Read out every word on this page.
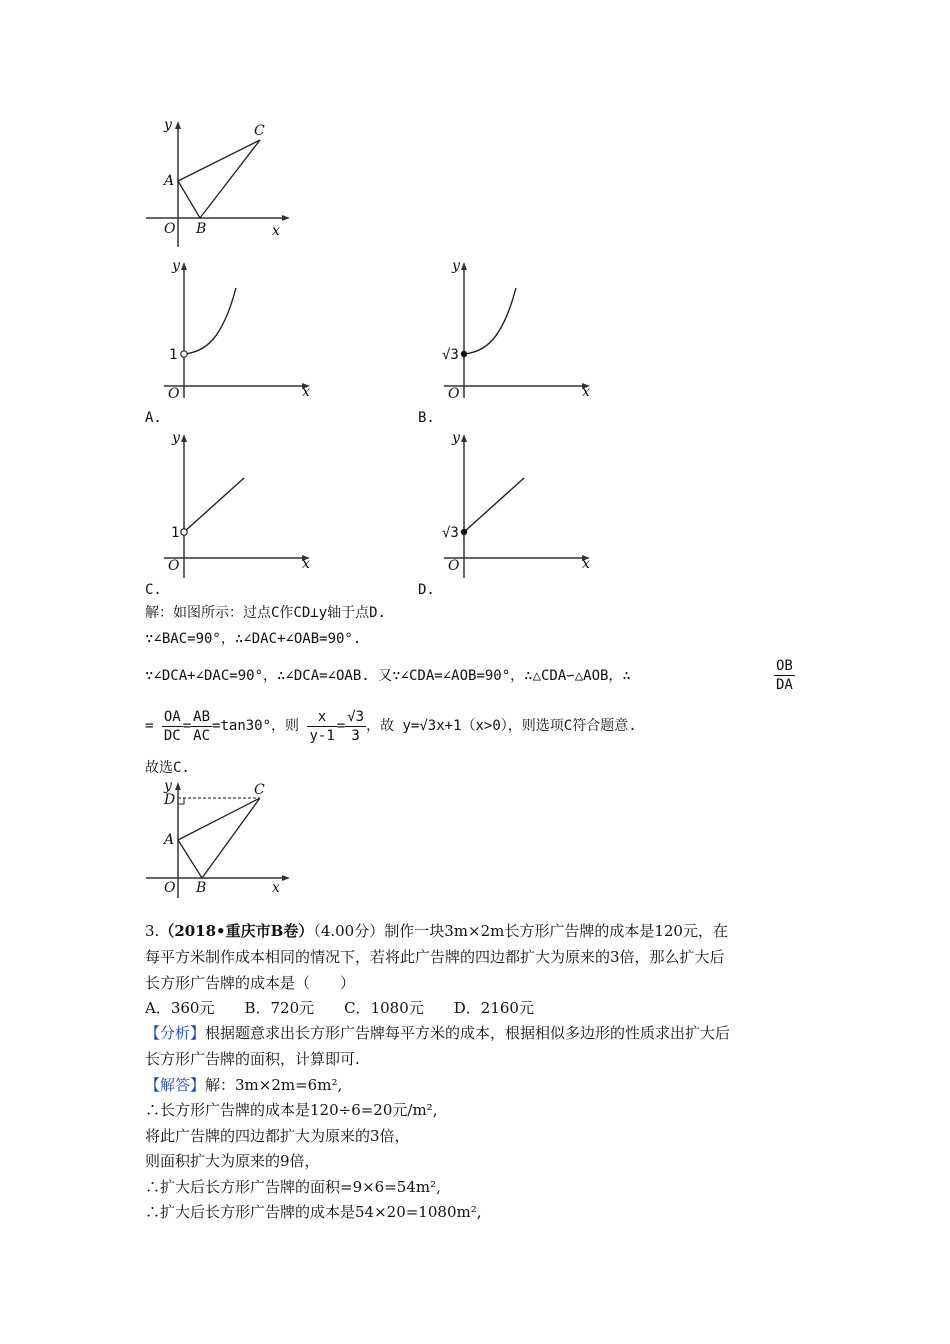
y
x
O
A
B
C
y
x
O
1
A.
y
x
O
√3
B.
y
x
O
1
C.
y
x
O
√3
D.
解：如图所示：过点C作CD⊥y轴于点D.
∵∠BAC=90°，∴∠DAC+∠OAB=90°.
∵∠DCA+∠DAC=90°，∴∠DCA=∠OAB. 又∵∠CDA=∠AOB=90°，∴△CDA∽△AOB，∴	$\frac{OB}{DA}$
= $\frac{OA}{DC} = \frac{AB}{AC} =\tan 30^\circ$，则 $\frac{x}{y-1} = \frac{√3}{3}$ ，故 y=√3x+1（x>0），则选项C符合题意.
故选C.
y
x
O
A
B
C
D
3.（2018•重庆市B卷）（4.00分）制作一块3m×2m长方形广告牌的成本是120元，在
每平方米制作成本相同的情况下，若将此广告牌的四边都扩大为原来的3倍，那么扩大后
长方形广告牌的成本是（　　）
A．360元　　B．720元　　C．1080元　　D．2160元
【分析】根据题意求出长方形广告牌每平方米的成本，根据相似多边形的性质求出扩大后
长方形广告牌的面积，计算即可.
【解答】解：3m×2m=6m²,
∴长方形广告牌的成本是120÷6=20元/m²,
将此广告牌的四边都扩大为原来的3倍，
则面积扩大为原来的9倍，
∴扩大后长方形广告牌的面积=9×6=54m²,
∴扩大后长方形广告牌的成本是54×20=1080m²,
